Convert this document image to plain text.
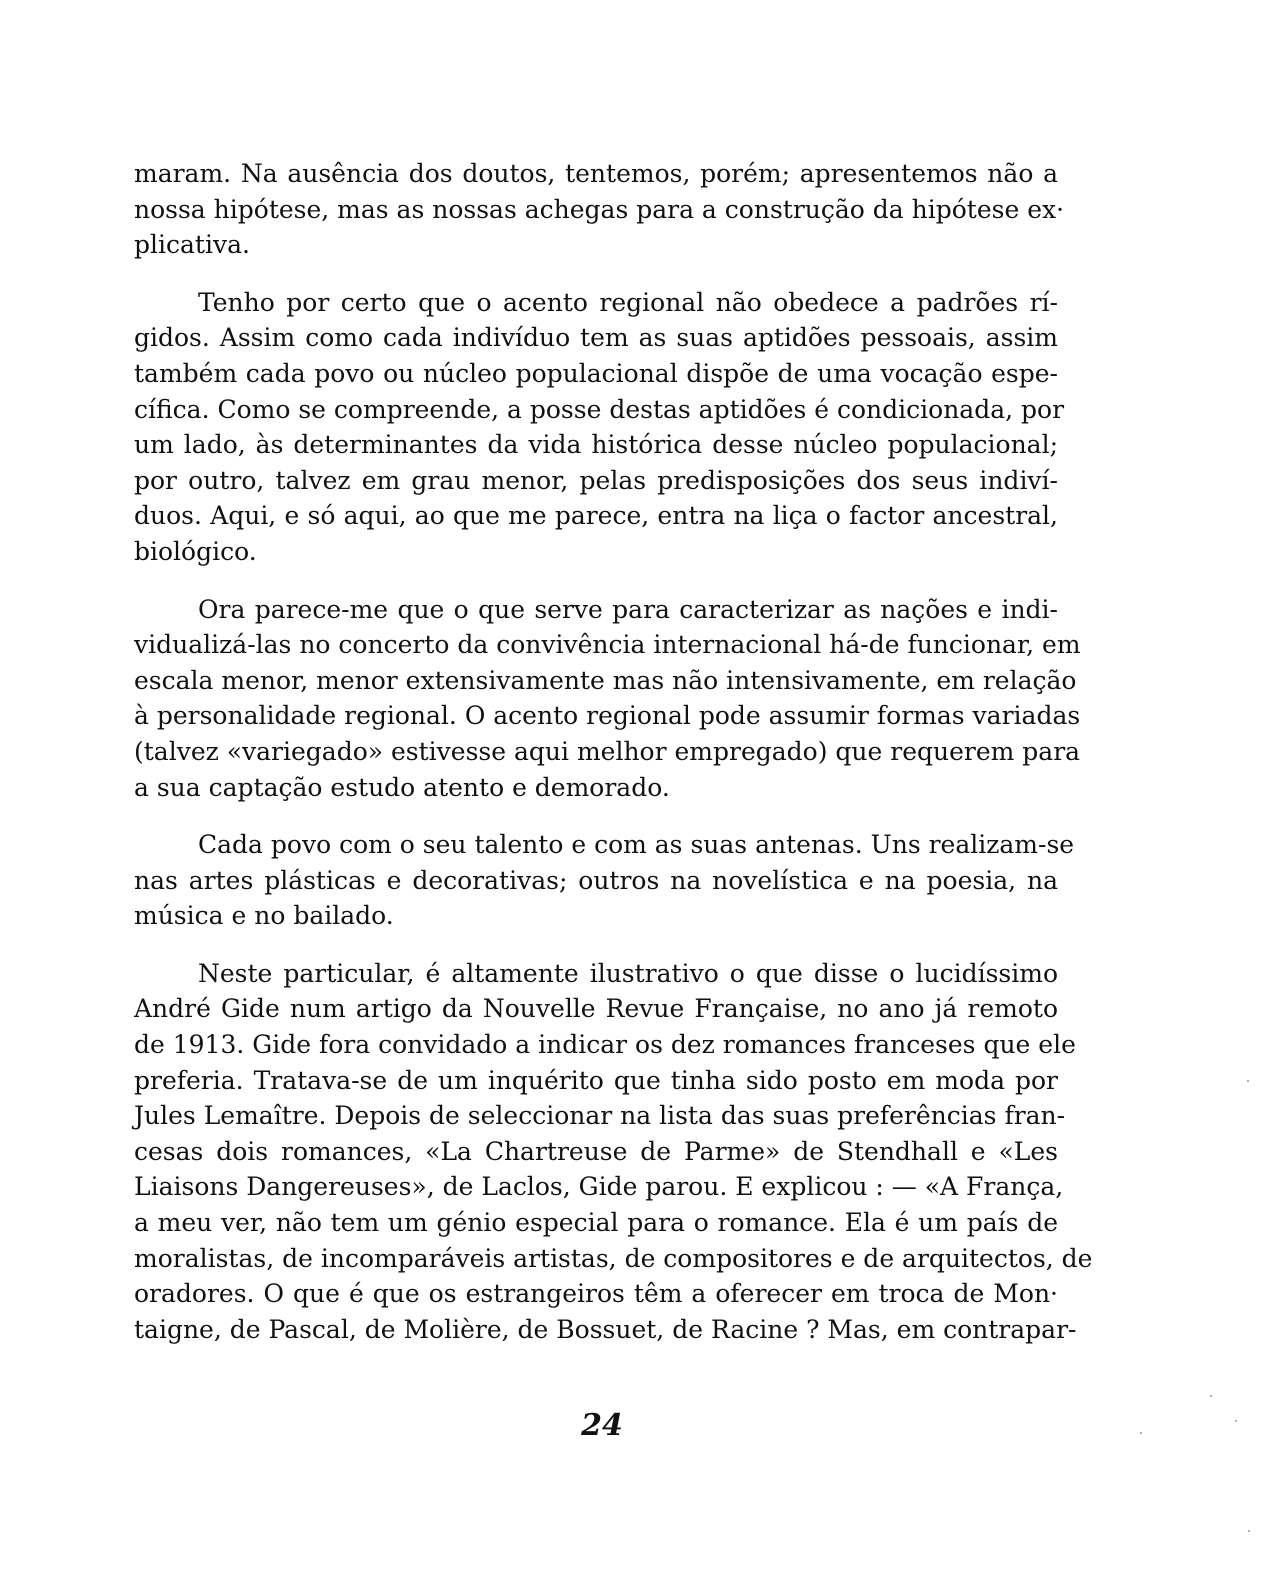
maram. Na ausência dos doutos, tentemos, porém; apresentemos não a
nossa hipótese, mas as nossas achegas para a construção da hipótese ex·
plicativa.

Tenho por certo que o acento regional não obedece a padrões rí-
gidos. Assim como cada indivíduo tem as suas aptidões pessoais, assim
também cada povo ou núcleo populacional dispõe de uma vocação espe-
cífica. Como se compreende, a posse destas aptidões é condicionada, por
um lado, às determinantes da vida histórica desse núcleo populacional;
por outro, talvez em grau menor, pelas predisposições dos seus indiví-
duos. Aqui, e só aqui, ao que me parece, entra na liça o factor ancestral,
biológico.

Ora parece-me que o que serve para caracterizar as nações e indi-
vidualizá-las no concerto da convivência internacional há-de funcionar, em
escala menor, menor extensivamente mas não intensivamente, em relação
à personalidade regional. O acento regional pode assumir formas variadas
(talvez «variegado» estivesse aqui melhor empregado) que requerem para
a sua captação estudo atento e demorado.

Cada povo com o seu talento e com as suas antenas. Uns realizam-se
nas artes plásticas e decorativas; outros na novelística e na poesia, na
música e no bailado.

Neste particular, é altamente ilustrativo o que disse o lucidíssimo
André Gide num artigo da Nouvelle Revue Française, no ano já remoto
de 1913. Gide fora convidado a indicar os dez romances franceses que ele
preferia. Tratava-se de um inquérito que tinha sido posto em moda por
Jules Lemaître. Depois de seleccionar na lista das suas preferências fran-
cesas dois romances, «La Chartreuse de Parme» de Stendhall e «Les
Liaisons Dangereuses», de Laclos, Gide parou. E explicou : — «A França,
a meu ver, não tem um génio especial para o romance. Ela é um país de
moralistas, de incomparáveis artistas, de compositores e de arquitectos, de
oradores. O que é que os estrangeiros têm a oferecer em troca de Mon·
taigne, de Pascal, de Molière, de Bossuet, de Racine ? Mas, em contrapar-

24
